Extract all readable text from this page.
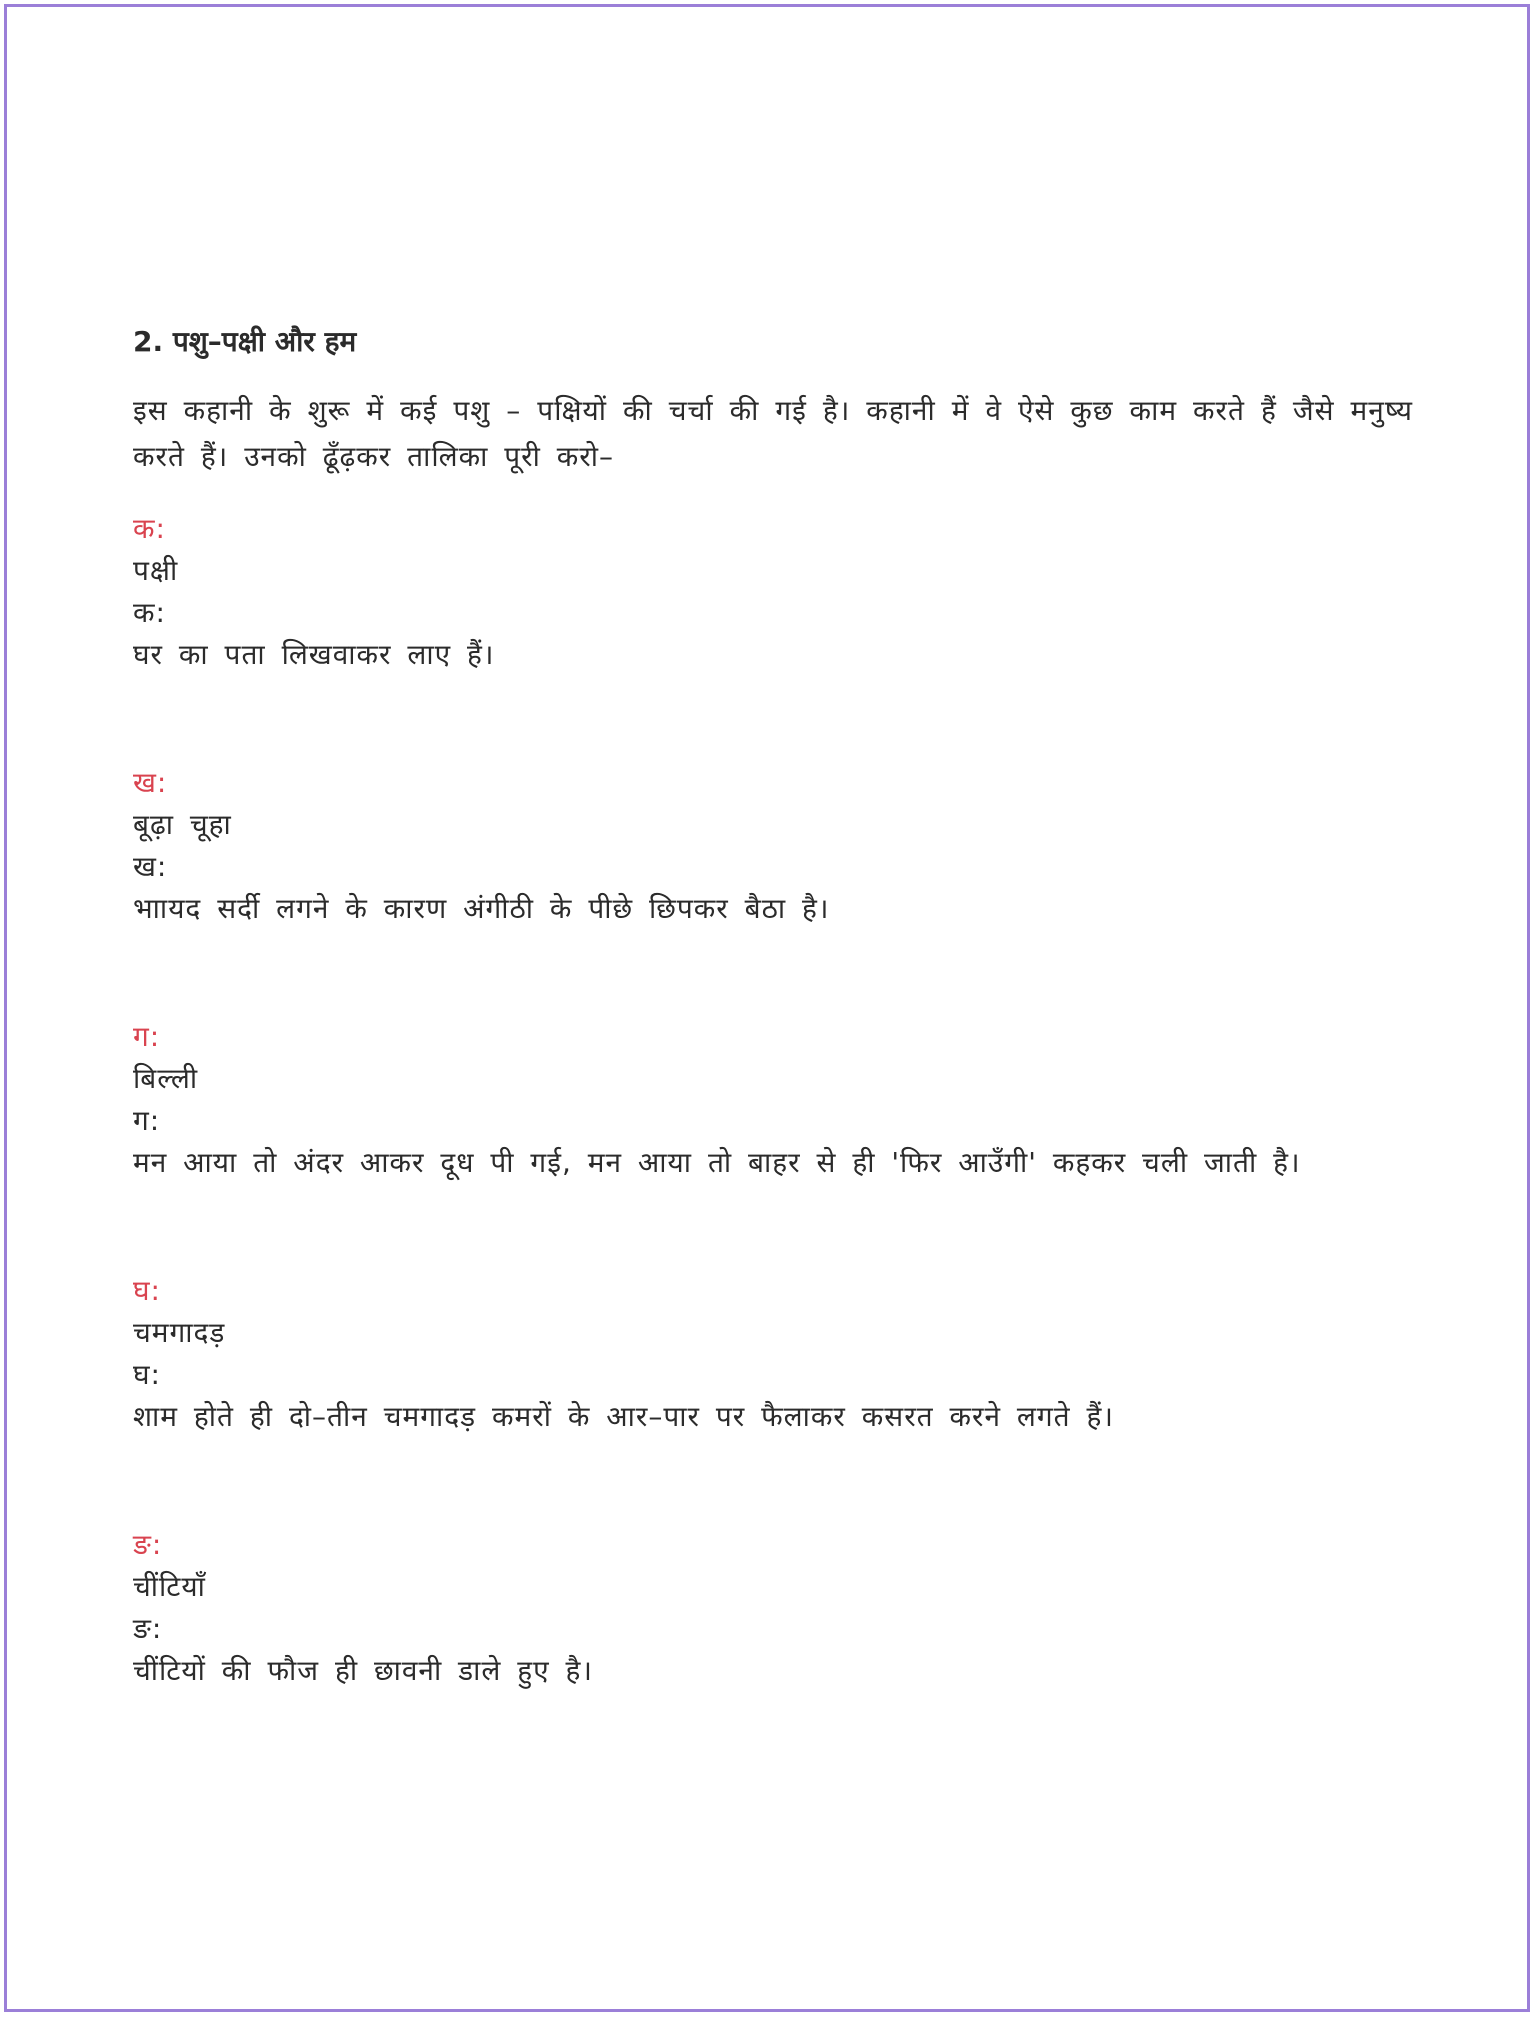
2. पशु–पक्षी और हम

इस कहानी के शुरू में कई पशु – पक्षियों की चर्चा की गई है। कहानी में वे ऐसे कुछ काम करते हैं जैसे मनुष्य करते हैं। उनको ढूँढ़कर तालिका पूरी करो–

क:
पक्षी
क:
घर का पता लिखवाकर लाए हैं।
ख:
बूढ़ा चूहा
ख:
भाायद सर्दी लगने के कारण अंगीठी के पीछे छिपकर बैठा है।
ग:
बिल्ली
ग:
मन आया तो अंदर आकर दूध पी गई, मन आया तो बाहर से ही 'फिर आउँगी' कहकर चली जाती है।
घ:
चमगादड़
घ:
शाम होते ही दो–तीन चमगादड़ कमरों के आर–पार पर फैलाकर कसरत करने लगते हैं।
ङ:
चींटियाँ
ङ:
चींटियों की फौज ही छावनी डाले हुए है।
